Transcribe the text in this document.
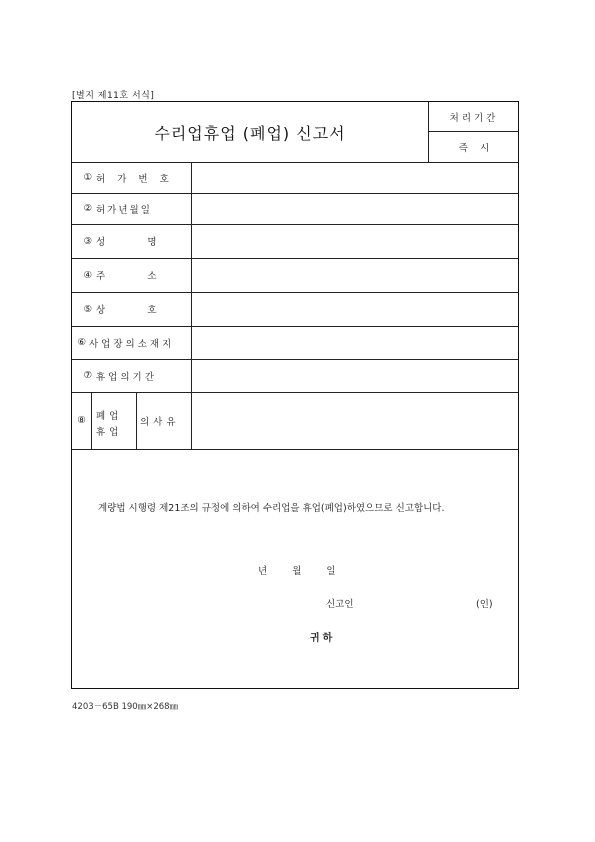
[별지 제11호 서식]
수리업휴업 (폐업) 신고서
처리기간
즉    시
① 허 가 번 호
② 허가년월일
③ 성        명
④ 주        소
⑤ 상        호
⑥ 사업장의소재지
⑦ 휴업의기간
⑧	폐업
휴업
의사유
계량법 시행령 제21조의 규정에 의하여 수리업을 휴업(폐업)하였으므로 신고합니다.
년 월 일
신고인	(인)
귀하
4203－65B 190㎜×268㎜
